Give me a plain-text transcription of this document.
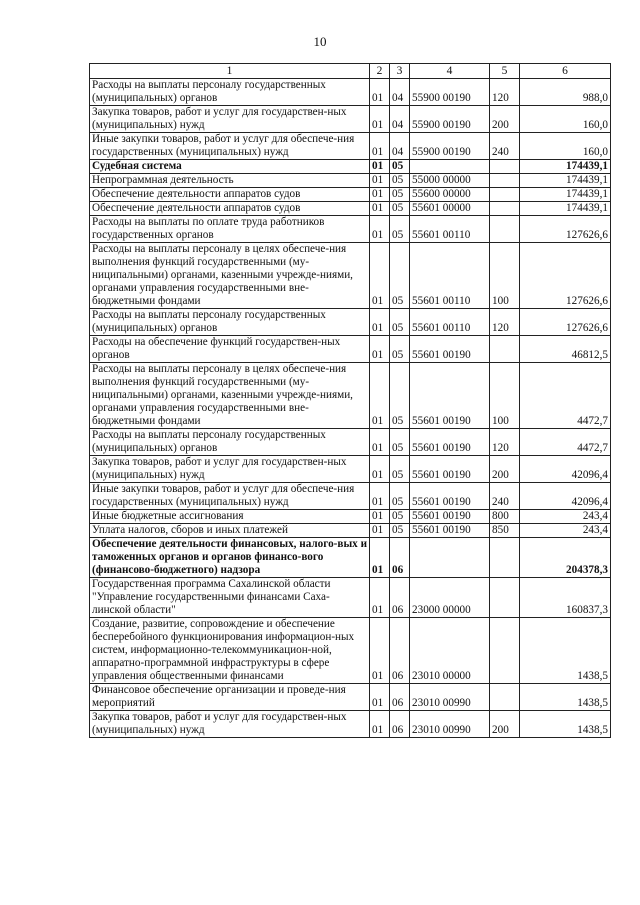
10
1	2	3	4	5	6
Расходы на выплаты персоналу государственных (муниципальных) органов	01	04	55900 00190	120	988,0
Закупка товаров, работ и услуг для государствен-ных (муниципальных) нужд	01	04	55900 00190	200	160,0
Иные закупки товаров, работ и услуг для обеспече-ния государственных (муниципальных) нужд	01	04	55900 00190	240	160,0
Судебная система	01	05			174439,1
Непрограммная деятельность	01	05	55000 00000		174439,1
Обеспечение деятельности аппаратов судов	01	05	55600 00000		174439,1
Обеспечение деятельности аппаратов судов	01	05	55601 00000		174439,1
Расходы на выплаты по оплате труда работников государственных органов	01	05	55601 00110		127626,6
Расходы на выплаты персоналу в целях обеспече-ния выполнения функций государственными (му-ниципальными) органами, казенными учрежде-ниями, органами управления государственными вне-бюджетными фондами	01	05	55601 00110	100	127626,6
Расходы на выплаты персоналу государственных (муниципальных) органов	01	05	55601 00110	120	127626,6
Расходы на обеспечение функций государствен-ных органов	01	05	55601 00190		46812,5
Расходы на выплаты персоналу в целях обеспече-ния выполнения функций государственными (му-ниципальными) органами, казенными учрежде-ниями, органами управления государственными вне-бюджетными фондами	01	05	55601 00190	100	4472,7
Расходы на выплаты персоналу государственных (муниципальных) органов	01	05	55601 00190	120	4472,7
Закупка товаров, работ и услуг для государствен-ных (муниципальных) нужд	01	05	55601 00190	200	42096,4
Иные закупки товаров, работ и услуг для обеспече-ния государственных (муниципальных) нужд	01	05	55601 00190	240	42096,4
Иные бюджетные ассигнования	01	05	55601 00190	800	243,4
Уплата налогов, сборов и иных платежей	01	05	55601 00190	850	243,4
Обеспечение деятельности финансовых, налого-вых и таможенных органов и органов финансо-вого (финансово-бюджетного) надзора	01	06			204378,3
Государственная программа Сахалинской области "Управление государственными финансами Саха-линской области"	01	06	23000 00000		160837,3
Создание, развитие, сопровождение и обеспечение бесперебойного функционирования информацион-ных систем, информационно-телекоммуникацион-ной, аппаратно-программной инфраструктуры в сфере управления общественными финансами	01	06	23010 00000		1438,5
Финансовое обеспечение организации и проведе-ния мероприятий	01	06	23010 00990		1438,5
Закупка товаров, работ и услуг для государствен-ных (муниципальных) нужд	01	06	23010 00990	200	1438,5
